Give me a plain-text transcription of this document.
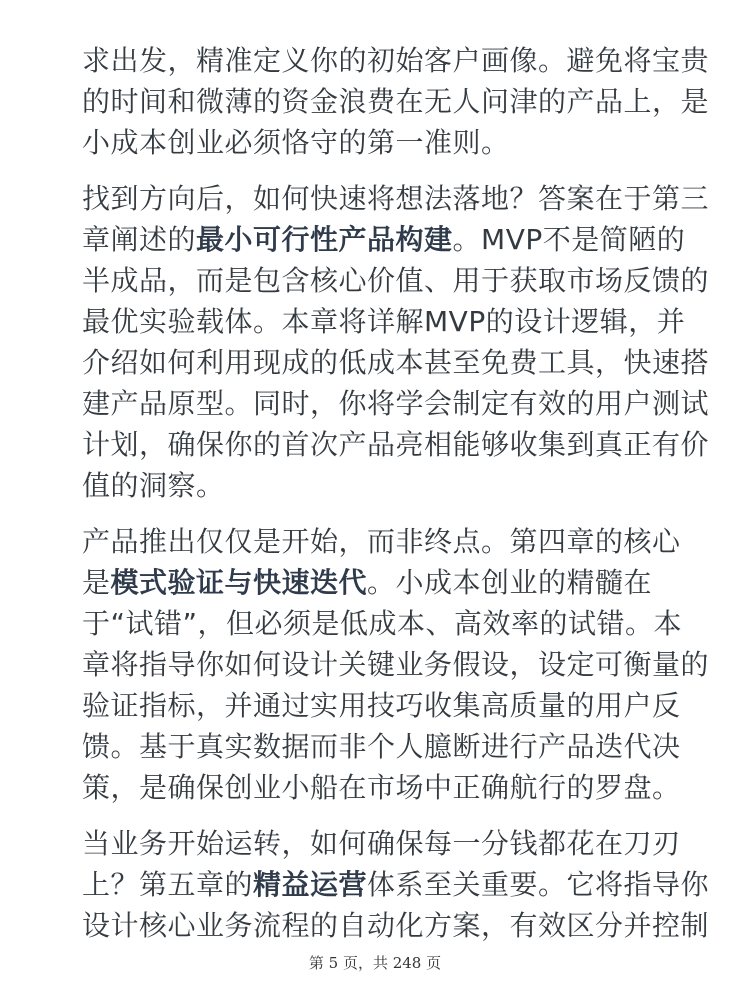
求出发，精准定义你的初始客户画像。避免将宝贵
的时间和微薄的资金浪费在无人问津的产品上，是
小成本创业必须恪守的第一准则。

找到方向后，如何快速将想法落地？答案在于第三
章阐述的最小可行性产品构建。MVP不是简陋的
半成品，而是包含核心价值、用于获取市场反馈的
最优实验载体。本章将详解MVP的设计逻辑，并
介绍如何利用现成的低成本甚至免费工具，快速搭
建产品原型。同时，你将学会制定有效的用户测试
计划，确保你的首次产品亮相能够收集到真正有价
值的洞察。

产品推出仅仅是开始，而非终点。第四章的核心
是模式验证与快速迭代。小成本创业的精髓在
于“试错”，但必须是低成本、高效率的试错。本
章将指导你如何设计关键业务假设，设定可衡量的
验证指标，并通过实用技巧收集高质量的用户反
馈。基于真实数据而非个人臆断进行产品迭代决
策，是确保创业小船在市场中正确航行的罗盘。

当业务开始运转，如何确保每一分钱都花在刀刃
上？第五章的精益运营体系至关重要。它将指导你
设计核心业务流程的自动化方案，有效区分并控制

第 5 页，共 248 页
